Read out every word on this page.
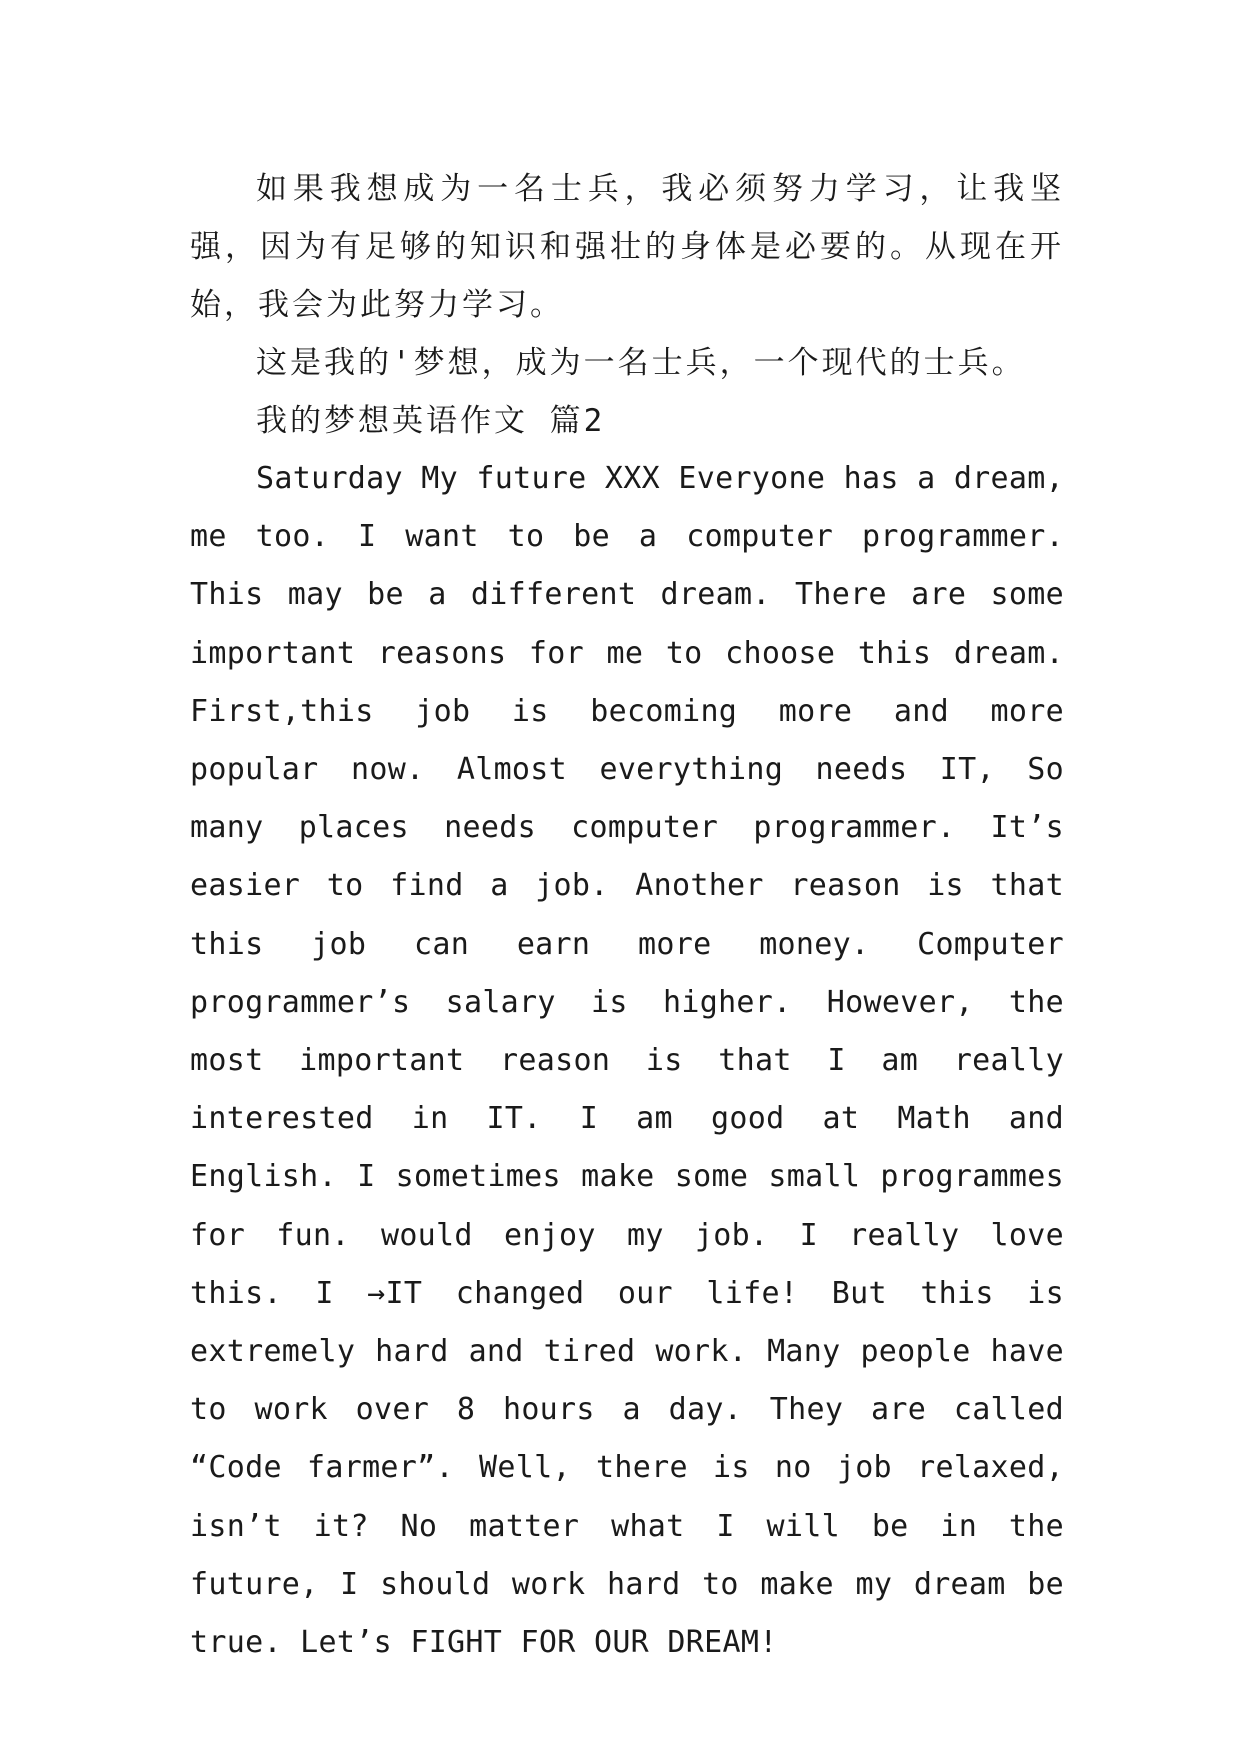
如果我想成为一名士兵，我必须努力学习，让我坚强，因为有足够的知识和强壮的身体是必要的。从现在开始，我会为此努力学习。

这是我的'梦想，成为一名士兵，一个现代的士兵。

我的梦想英语作文 篇2

Saturday My future XXX Everyone has a dream, me too. I want to be a computer programmer. This may be a different dream. There are some important reasons for me to choose this dream. First,this job is becoming more and more popular now. Almost everything needs IT, So many places needs computer programmer. It’s easier to find a job. Another reason is that this job can earn more money. Computer programmer’s salary is higher. However, the most important reason is that I am really interested in IT. I am good at Math and English. I sometimes make some small programmes for fun. would enjoy my job. I really love this. I →IT changed our life! But this is extremely hard and tired work. Many people have to work over 8 hours a day. They are called “Code farmer”. Well, there is no job relaxed, isn’t it? No matter what I will be in the future, I should work hard to make my dream be true. Let’s FIGHT FOR OUR DREAM!
